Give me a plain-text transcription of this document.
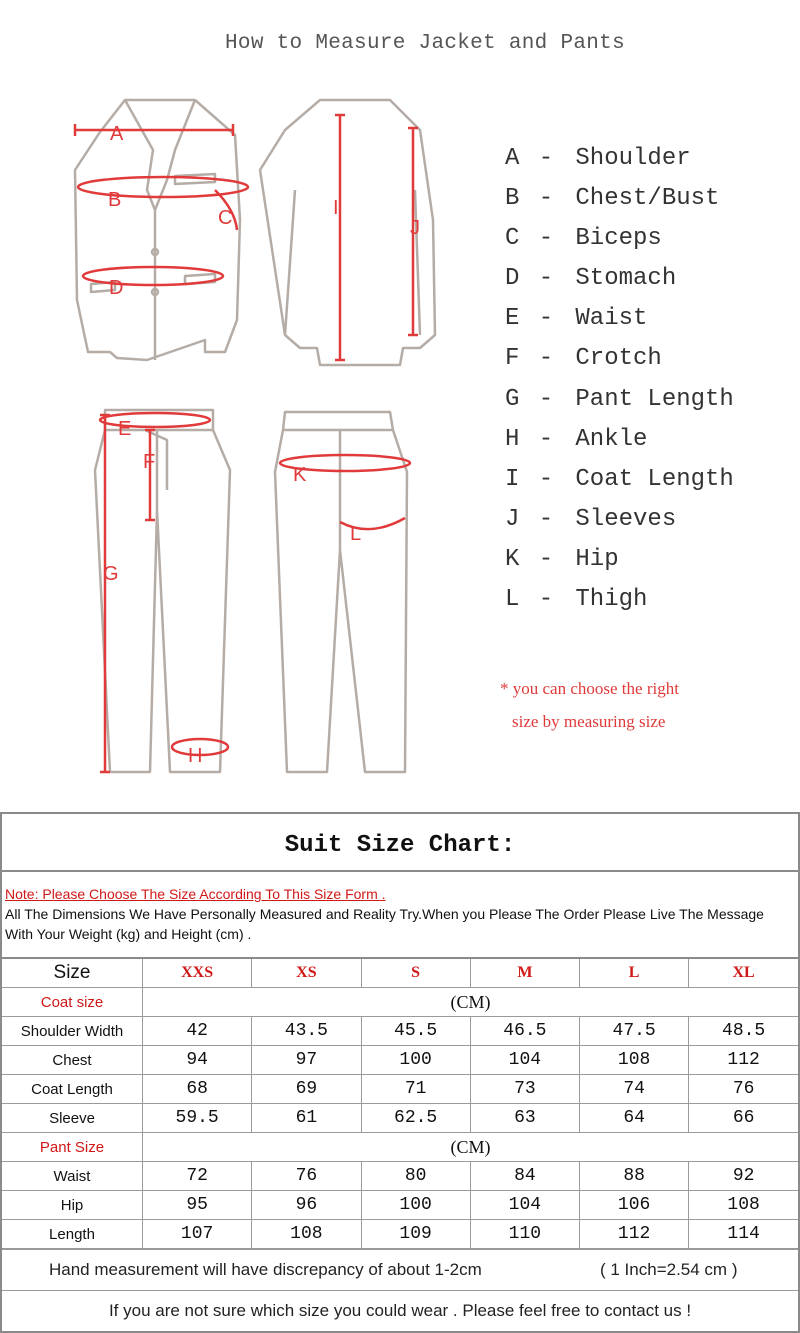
How to Measure Jacket and Pants
A
B
C
D
E
F
G
H
I
J
K
L
A - Shoulder
B - Chest/Bust
C - Biceps
D - Stomach
E - Waist
F - Crotch
G - Pant Length
H - Ankle
I - Coat Length
J - Sleeves
K - Hip
L - Thigh
* you can choose the right
size by measuring size
Suit Size Chart:
Note: Please Choose The Size According To This Size Form .
All The Dimensions We Have Personally Measured and Reality Try.When you Please The Order Please Live The Message With Your Weight (kg) and Height (cm) .
Size	XXS	XS	S	M	L	XL
Coat size	(CM)					
Shoulder Width	42	43.5	45.5	46.5	47.5	48.5
Chest	94	97	100	104	108	112
Coat Length	68	69	71	73	74	76
Sleeve	59.5	61	62.5	63	64	66
Pant Size	(CM)					
Waist	72	76	80	84	88	92
Hip	95	96	100	104	106	108
Length	107	108	109	110	112	114
Hand measurement will have discrepancy of about 1-2cm	( 1 Inch=2.54 cm )
If you are not sure which size you could wear . Please feel free to contact us !
